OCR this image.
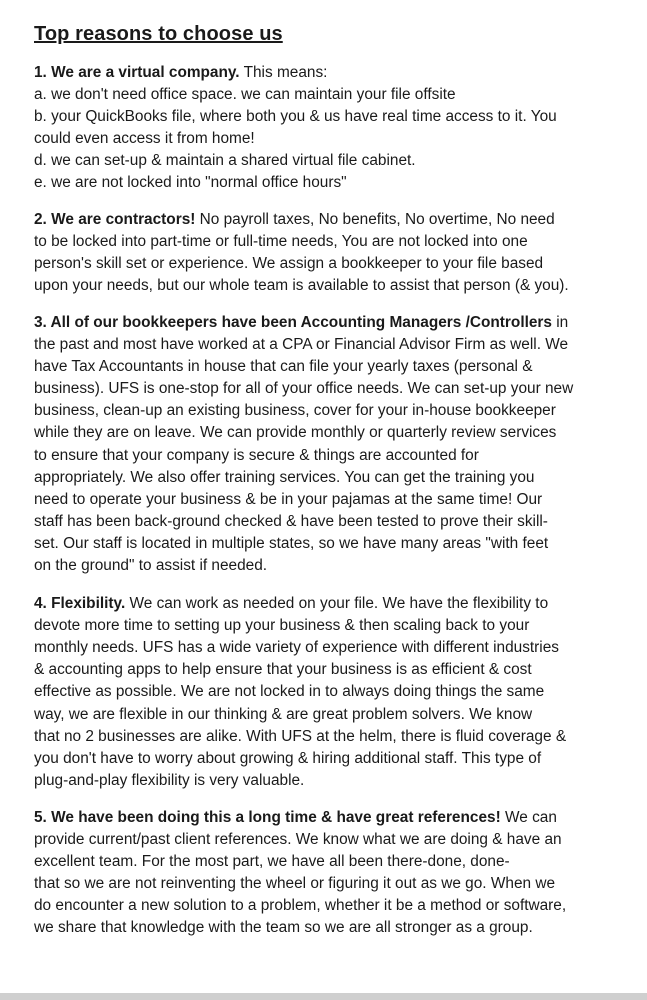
Top reasons to choose us
1. We are a virtual company. This means:
a. we don't need office space. we can maintain your file offsite
b. your QuickBooks file, where both you & us have real time access to it. You
could even access it from home!
d. we can set-up & maintain a shared virtual file cabinet.
e. we are not locked into "normal office hours"
2. We are contractors! No payroll taxes, No benefits, No overtime, No need
to be locked into part-time or full-time needs, You are not locked into one
person's skill set or experience. We assign a bookkeeper to your file based
upon your needs, but our whole team is available to assist that person (& you).
3. All of our bookkeepers have been Accounting Managers /Controllers in
the past and most have worked at a CPA or Financial Advisor Firm as well. We
have Tax Accountants in house that can file your yearly taxes (personal &
business). UFS is one-stop for all of your office needs. We can set-up your new
business, clean-up an existing business, cover for your in-house bookkeeper
while they are on leave. We can provide monthly or quarterly review services
to ensure that your company is secure & things are accounted for
appropriately. We also offer training services. You can get the training you
need to operate your business & be in your pajamas at the same time! Our
staff has been back-ground checked & have been tested to prove their skill-
set. Our staff is located in multiple states, so we have many areas "with feet
on the ground" to assist if needed.
4. Flexibility. We can work as needed on your file. We have the flexibility to
devote more time to setting up your business & then scaling back to your
monthly needs. UFS has a wide variety of experience with different industries
& accounting apps to help ensure that your business is as efficient & cost
effective as possible. We are not locked in to always doing things the same
way, we are flexible in our thinking & are great problem solvers. We know
that no 2 businesses are alike. With UFS at the helm, there is fluid coverage &
you don't have to worry about growing & hiring additional staff. This type of
plug-and-play flexibility is very valuable.
5. We have been doing this a long time & have great references! We can
provide current/past client references. We know what we are doing & have an
excellent team. For the most part, we have all been there-done, done-
that so we are not reinventing the wheel or figuring it out as we go. When we
do encounter a new solution to a problem, whether it be a method or software,
we share that knowledge with the team so we are all stronger as a group.
